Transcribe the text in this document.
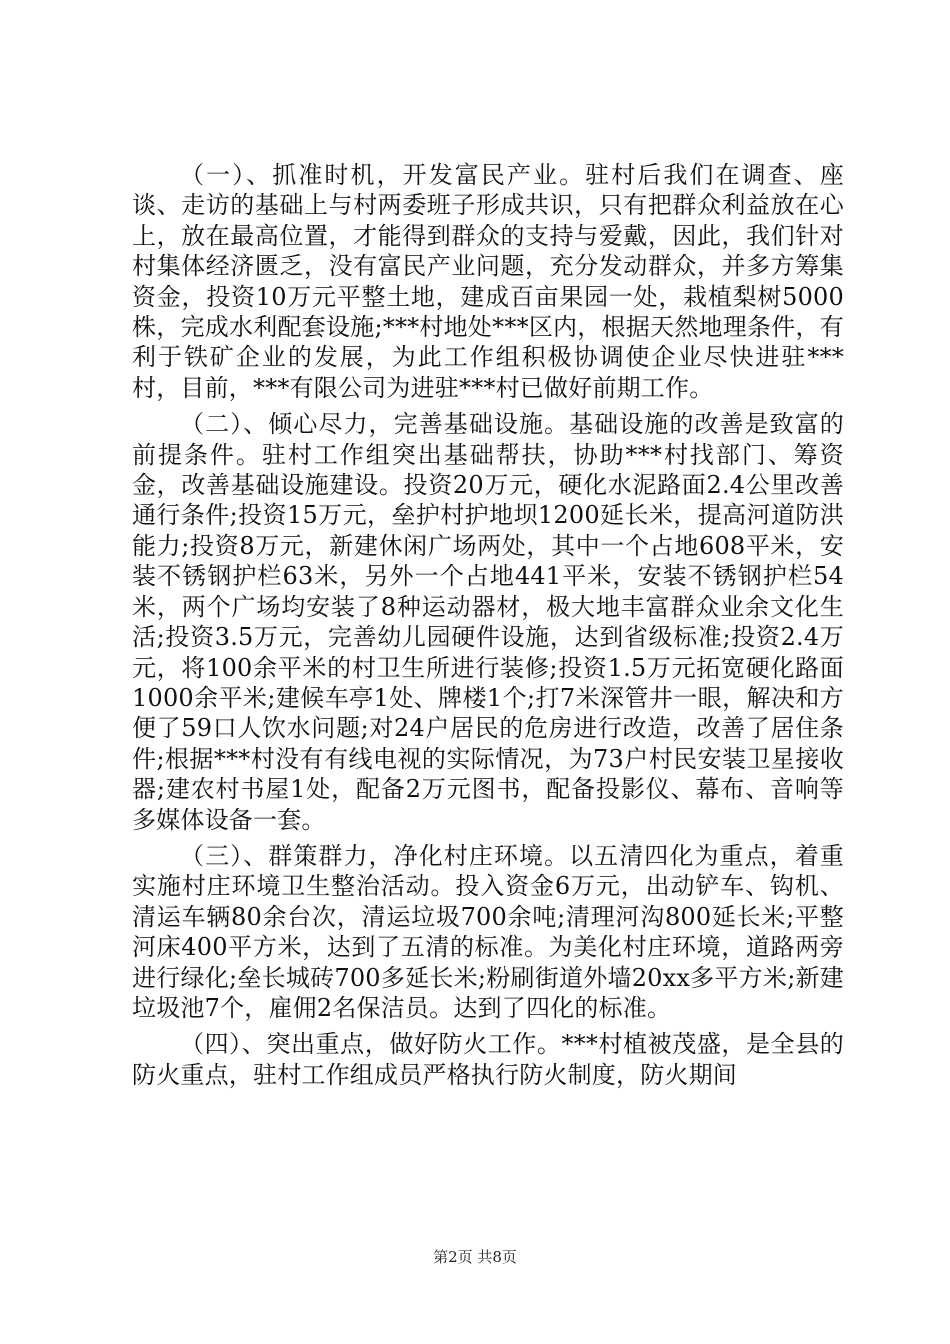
（一）、抓准时机，开发富民产业。驻村后我们在调查、座谈、走访的基础上与村两委班子形成共识，只有把群众利益放在心上，放在最高位置，才能得到群众的支持与爱戴，因此，我们针对村集体经济匮乏，没有富民产业问题，充分发动群众，并多方筹集资金，投资10万元平整土地，建成百亩果园一处，栽植梨树5000株，完成水利配套设施;***村地处***区内，根据天然地理条件，有利于铁矿企业的发展，为此工作组积极协调使企业尽快进驻***村，目前，***有限公司为进驻***村已做好前期工作。

（二）、倾心尽力，完善基础设施。基础设施的改善是致富的前提条件。驻村工作组突出基础帮扶，协助***村找部门、筹资金，改善基础设施建设。投资20万元，硬化水泥路面2.4公里改善通行条件;投资15万元，垒护村护地坝1200延长米，提高河道防洪能力;投资8万元，新建休闲广场两处，其中一个占地608平米，安装不锈钢护栏63米，另外一个占地441平米，安装不锈钢护栏54米，两个广场均安装了8种运动器材，极大地丰富群众业余文化生活;投资3.5万元，完善幼儿园硬件设施，达到省级标准;投资2.4万元，将100余平米的村卫生所进行装修;投资1.5万元拓宽硬化路面1000余平米;建候车亭1处、牌楼1个;打7米深管井一眼，解决和方便了59口人饮水问题;对24户居民的危房进行改造，改善了居住条件;根据***村没有有线电视的实际情况，为73户村民安装卫星接收器;建农村书屋1处，配备2万元图书，配备投影仪、幕布、音响等多媒体设备一套。

（三）、群策群力，净化村庄环境。以五清四化为重点，着重实施村庄环境卫生整治活动。投入资金6万元，出动铲车、钩机、清运车辆80余台次，清运垃圾700余吨;清理河沟800延长米;平整河床400平方米，达到了五清的标准。为美化村庄环境，道路两旁进行绿化;垒长城砖700多延长米;粉刷街道外墙20xx多平方米;新建垃圾池7个，雇佣2名保洁员。达到了四化的标准。

（四）、突出重点，做好防火工作。***村植被茂盛，是全县的防火重点，驻村工作组成员严格执行防火制度，防火期间

第2页 共8页
